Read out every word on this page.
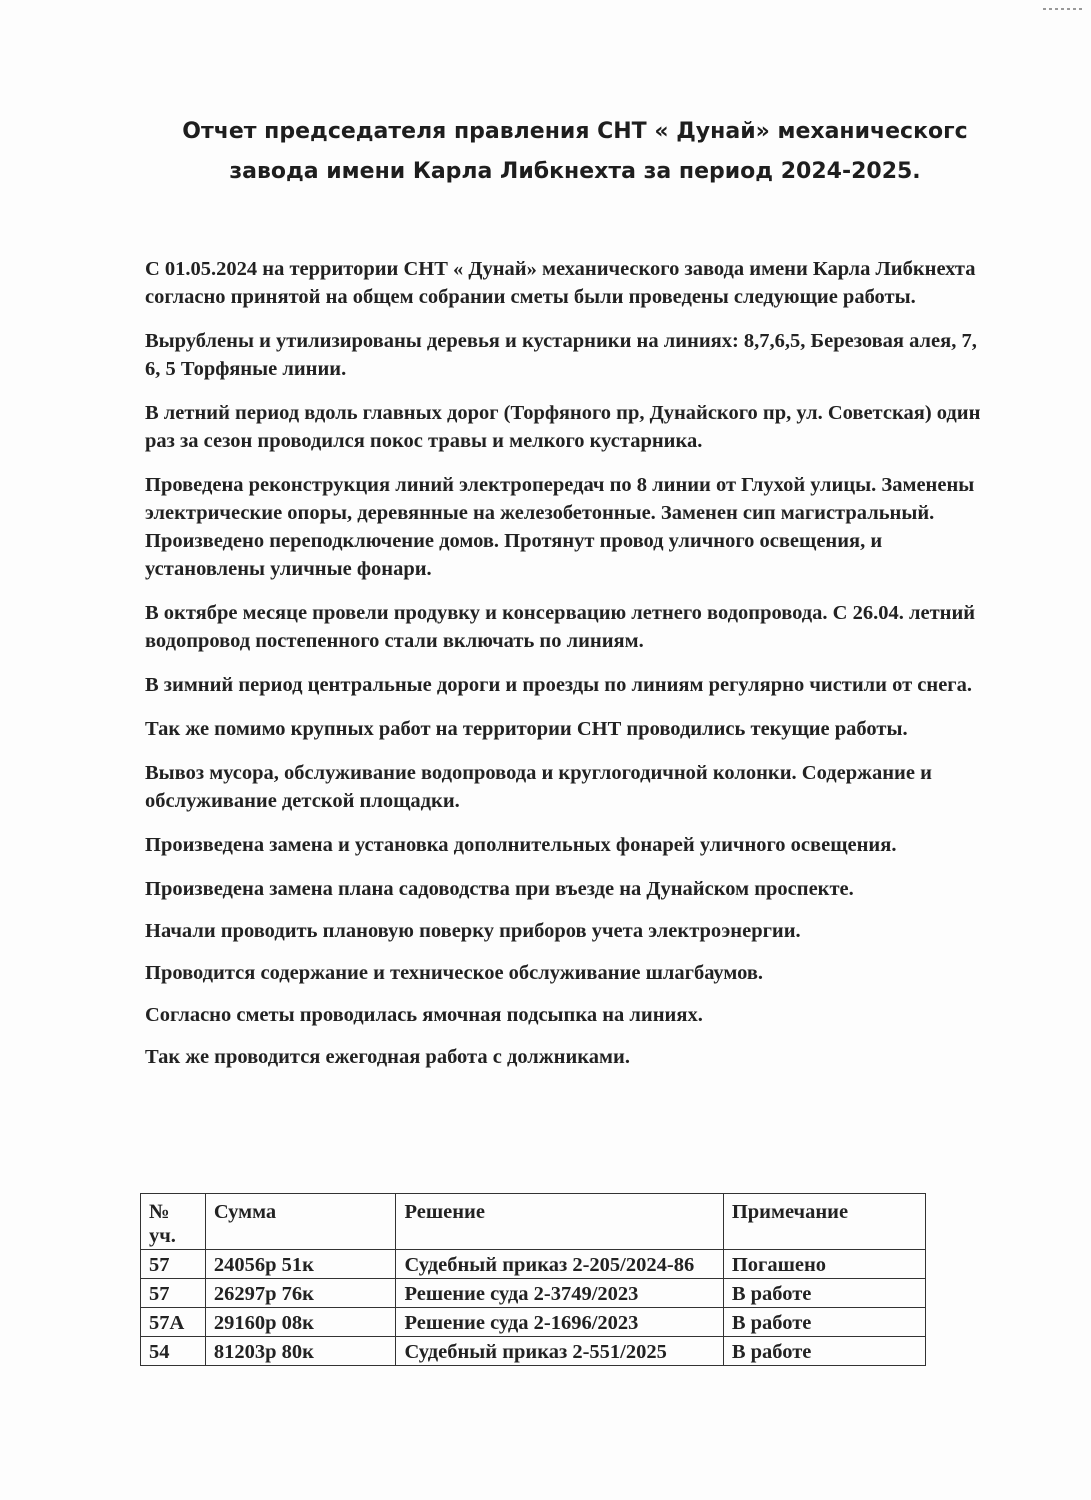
Отчет председателя правления СНТ « Дунай» механическогс
завода имени Карла Либкнехта за период 2024-2025.

С 01.05.2024 на территории СНТ « Дунай» механического завода имени Карла Либкнехта согласно принятой на общем собрании сметы были проведены следующие работы.

Вырублены и утилизированы деревья и кустарники на линиях: 8,7,6,5, Березовая алея, 7, 6, 5 Торфяные линии.

В летний период вдоль главных дорог (Торфяного пр, Дунайского пр, ул. Советская) один раз за сезон проводился покос травы и мелкого кустарника.

Проведена реконструкция линий электропередач по 8 линии от Глухой улицы. Заменены электрические опоры, деревянные на железобетонные. Заменен сип магистральный. Произведено переподключение домов. Протянут провод уличного освещения, и установлены уличные фонари.

В октябре месяце провели продувку и консервацию летнего водопровода. С 26.04. летний водопровод постепенного стали включать по линиям.

В зимний период центральные дороги и проезды по линиям регулярно чистили от снега.

Так же помимо крупных работ на территории СНТ проводились текущие работы.

Вывоз мусора, обслуживание водопровода и круглогодичной колонки. Содержание и обслуживание детской площадки.

Произведена замена и установка дополнительных фонарей уличного освещения.

Произведена замена плана садоводства при въезде на Дунайском проспекте.

Начали проводить плановую поверку приборов учета электроэнергии.

Проводится содержание и техническое обслуживание шлагбаумов.

Согласно сметы проводилась ямочная подсыпка на линиях.

Так же проводится ежегодная работа с должниками.

№ уч.	Сумма	Решение	Примечание
57	24056р 51к	Судебный приказ 2-205/2024-86	Погашено
57	26297р 76к	Решение суда 2-3749/2023	В работе
57А	29160р 08к	Решение суда 2-1696/2023	В работе
54	81203р 80к	Судебный приказ 2-551/2025	В работе
